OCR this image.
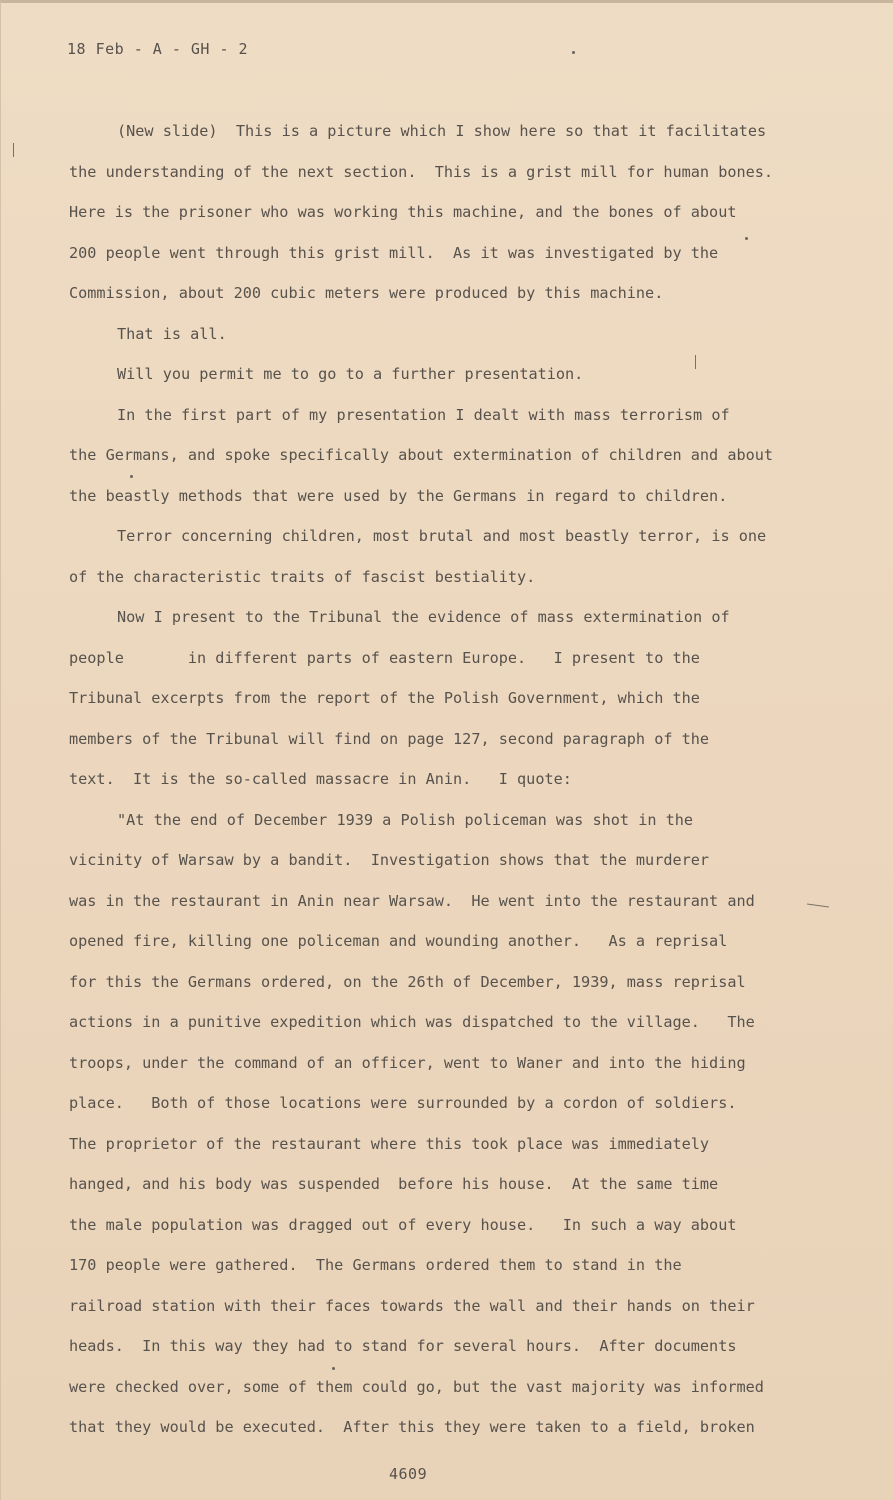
18 Feb - A - GH - 2
(New slide)  This is a picture which I show here so that it facilitates
the understanding of the next section.  This is a grist mill for human bones.
Here is the prisoner who was working this machine, and the bones of about
200 people went through this grist mill.  As it was investigated by the
Commission, about 200 cubic meters were produced by this machine.
That is all.
Will you permit me to go to a further presentation.
In the first part of my presentation I dealt with mass terrorism of
the Germans, and spoke specifically about extermination of children and about
the beastly methods that were used by the Germans in regard to children.
Terror concerning children, most brutal and most beastly terror, is one
of the characteristic traits of fascist bestiality.
Now I present to the Tribunal the evidence of mass extermination of
people       in different parts of eastern Europe.   I present to the
Tribunal excerpts from the report of the Polish Government, which the
members of the Tribunal will find on page 127, second paragraph of the
text.  It is the so-called massacre in Anin.   I quote:
"At the end of December 1939 a Polish policeman was shot in the
vicinity of Warsaw by a bandit.  Investigation shows that the murderer
was in the restaurant in Anin near Warsaw.  He went into the restaurant and
opened fire, killing one policeman and wounding another.   As a reprisal
for this the Germans ordered, on the 26th of December, 1939, mass reprisal
actions in a punitive expedition which was dispatched to the village.   The
troops, under the command of an officer, went to Waner and into the hiding
place.   Both of those locations were surrounded by a cordon of soldiers.
The proprietor of the restaurant where this took place was immediately
hanged, and his body was suspended  before his house.  At the same time
the male population was dragged out of every house.   In such a way about
170 people were gathered.  The Germans ordered them to stand in the
railroad station with their faces towards the wall and their hands on their
heads.  In this way they had to stand for several hours.  After documents
were checked over, some of them could go, but the vast majority was informed
that they would be executed.  After this they were taken to a field, broken
4609
